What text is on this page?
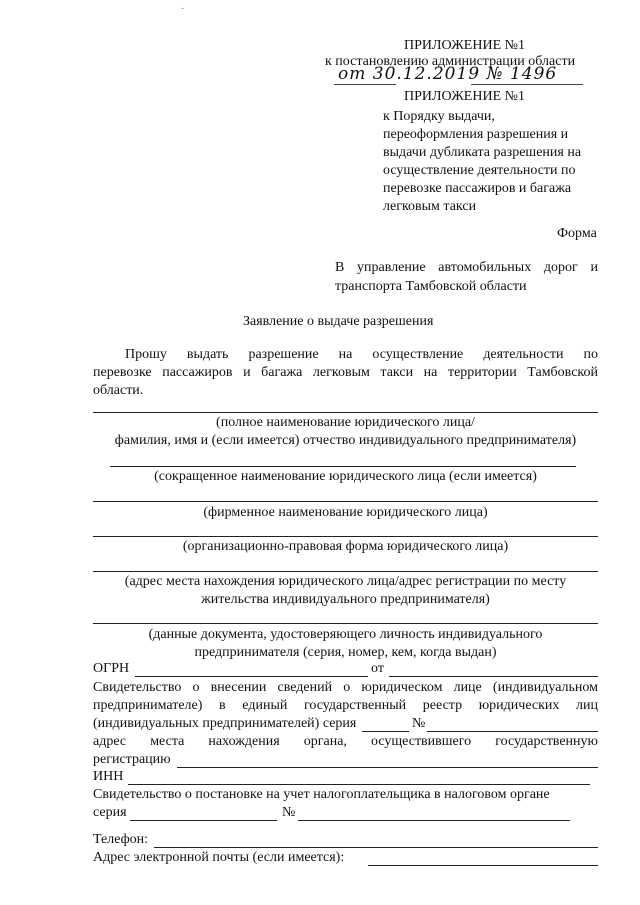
·
ПРИЛОЖЕНИЕ №1
к постановлению администрации области
от 30.12.2019 № 1496
ПРИЛОЖЕНИЕ №1
к Порядку выдачи,
переоформления разрешения и
выдачи дубликата разрешения на
осуществление деятельности по
перевозке пассажиров и багажа
легковым такси
Форма
В управление автомобильных дорог и
транспорта Тамбовской области
Заявление о выдаче разрешения
Прошу выдать разрешение на осуществление деятельности по
перевозке пассажиров и багажа легковым такси на территории Тамбовской
области.
(полное наименование юридического лица/
фамилия, имя и (если имеется) отчество индивидуального предпринимателя)
(сокращенное наименование юридического лица (если имеется)
(фирменное наименование юридического лица)
(организационно-правовая форма юридического лица)
(адрес места нахождения юридического лица/адрес регистрации по месту
жительства индивидуального предпринимателя)
(данные документа, удостоверяющего личность индивидуального
предпринимателя (серия, номер, кем, когда выдан)
ОГРН	от
Свидетельство о внесении сведений о юридическом лице (индивидуальном
предпринимателе) в единый государственный реестр юридических лиц
(индивидуальных предпринимателей) серия	№
адрес места нахождения органа, осуществившего государственную
регистрацию
ИНН
Свидетельство о постановке на учет налогоплательщика в налоговом органе
серия	№
Телефон:
Адрес электронной почты (если имеется):
